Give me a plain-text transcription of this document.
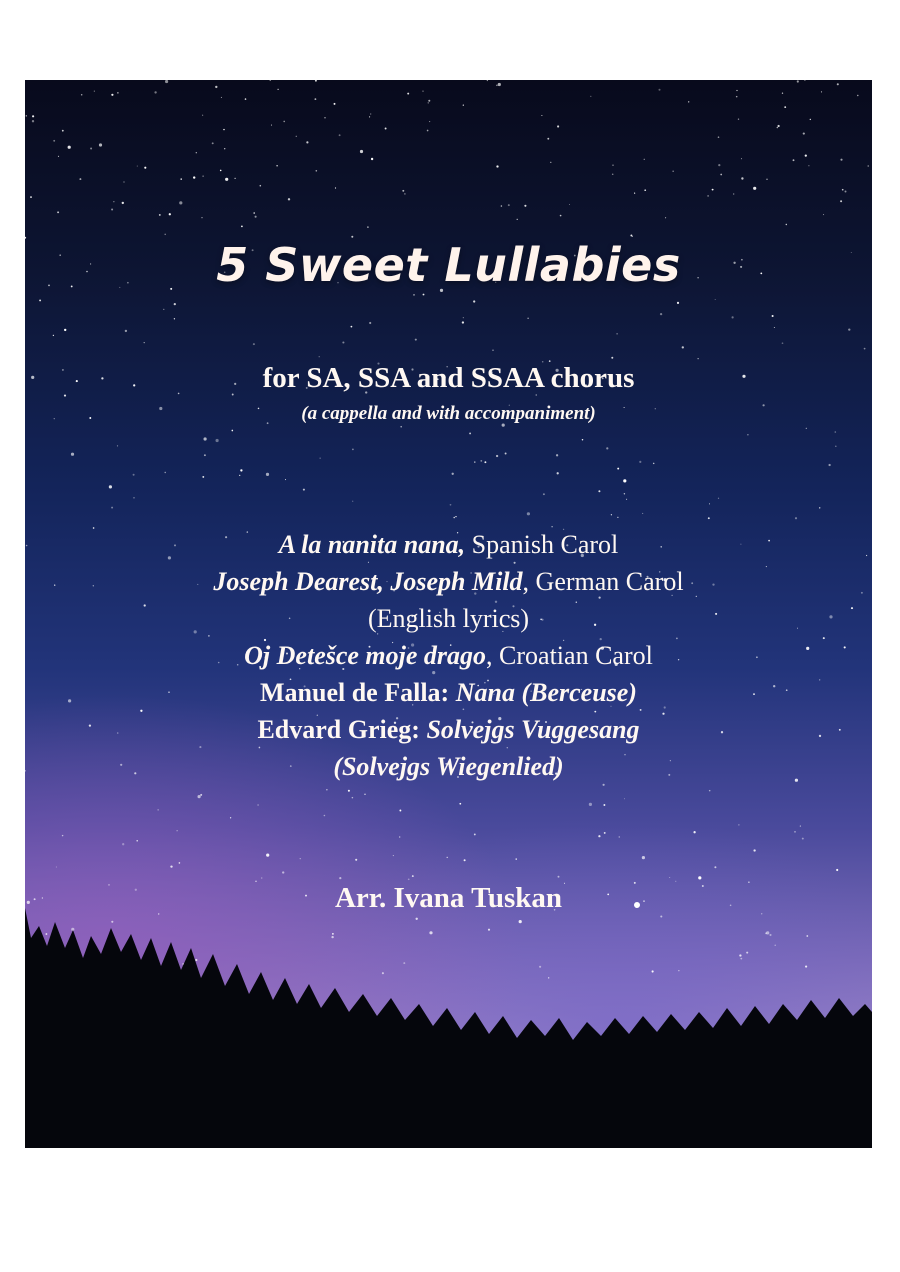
5 Sweet Lullabies
for SA, SSA and SSAA chorus
(a cappella and with accompaniment)
A la nanita nana, Spanish Carol
Joseph Dearest, Joseph Mild, German Carol
(English lyrics)
Oj Detešce moje drago, Croatian Carol
Manuel de Falla: Nana (Berceuse)
Edvard Grieg: Solvejgs Vuggesang
(Solvejgs Wiegenlied)
Arr. Ivana Tuskan
